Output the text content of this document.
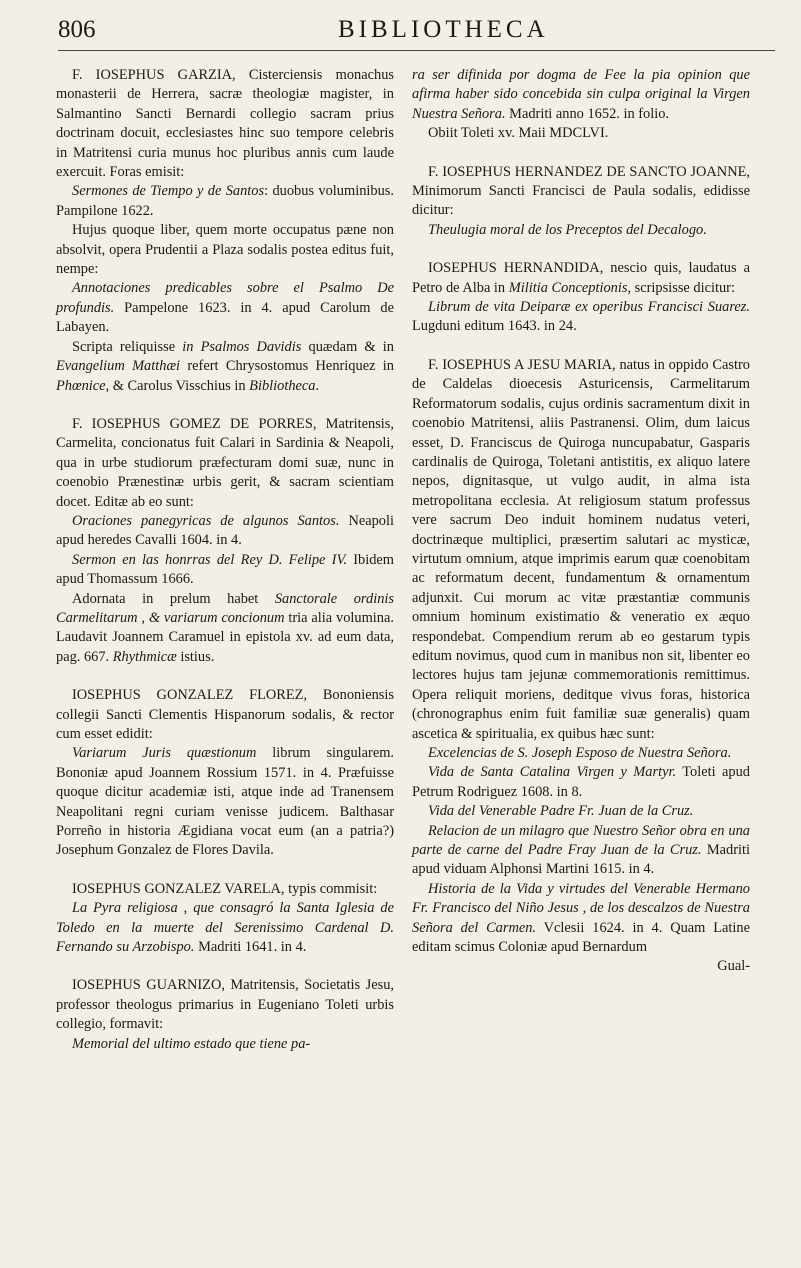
806	BIBLIOTHECA

F. IOSEPHUS GARZIA, Cisterciensis monachus monasterii de Herrera, sacræ theologiæ magister, in Salmantino Sancti Bernardi collegio sacram prius doctrinam docuit, ecclesiastes hinc suo tempore celebris in Matritensi curia munus hoc pluribus annis cum laude exercuit. Foras emisit:

Sermones de Tiempo y de Santos: duobus voluminibus. Pampilone 1622.

Hujus quoque liber, quem morte occupatus pæne non absolvit, opera Prudentii a Plaza sodalis postea editus fuit, nempe:

Annotaciones predicables sobre el Psalmo De profundis. Pampelone 1623. in 4. apud Carolum de Labayen.

Scripta reliquisse in Psalmos Davidis quædam & in Evangelium Matthæi refert Chrysostomus Henriquez in Phœnice, & Carolus Visschius in Bibliotheca.

F. IOSEPHUS GOMEZ DE PORRES, Matritensis, Carmelita, concionatus fuit Calari in Sardinia & Neapoli, qua in urbe studiorum præfecturam domi suæ, nunc in coenobio Prænestinæ urbis gerit, & sacram scientiam docet. Editæ ab eo sunt:

Oraciones panegyricas de algunos Santos. Neapoli apud heredes Cavalli 1604. in 4.

Sermon en las honrras del Rey D. Felipe IV. Ibidem apud Thomassum 1666.

Adornata in prelum habet Sanctorale ordinis Carmelitarum , & variarum concionum tria alia volumina. Laudavit Joannem Caramuel in epistola xv. ad eum data, pag. 667. Rhythmicæ istius.

IOSEPHUS GONZALEZ FLOREZ, Bononiensis collegii Sancti Clementis Hispanorum sodalis, & rector cum esset edidit:

Variarum Juris quæstionum librum singularem. Bononiæ apud Joannem Rossium 1571. in 4. Præfuisse quoque dicitur academiæ isti, atque inde ad Tranensem Neapolitani regni curiam venisse judicem. Balthasar Porreño in historia Ægidiana vocat eum (an a patria?) Josephum Gonzalez de Flores Davila.

IOSEPHUS GONZALEZ VARELA, typis commisit:

La Pyra religiosa , que consagró la Santa Iglesia de Toledo en la muerte del Serenissimo Cardenal D. Fernando su Arzobispo. Madriti 1641. in 4.

IOSEPHUS GUARNIZO, Matritensis, Societatis Jesu, professor theologus primarius in Eugeniano Toleti urbis collegio, formavit:

Memorial del ultimo estado que tiene pa-

ra ser difinida por dogma de Fee la pia opinion que afirma haber sido concebida sin culpa original la Virgen Nuestra Señora. Madriti anno 1652. in folio.

Obiit Toleti xv. Maii MDCLVI.

F. IOSEPHUS HERNANDEZ DE SANCTO JOANNE, Minimorum Sancti Francisci de Paula sodalis, edidisse dicitur:

Theulugia moral de los Preceptos del Decalogo.

IOSEPHUS HERNANDIDA, nescio quis, laudatus a Petro de Alba in Militia Conceptionis, scripsisse dicitur:

Librum de vita Deiparæ ex operibus Francisci Suarez. Lugduni editum 1643. in 24.

F. IOSEPHUS A JESU MARIA, natus in oppido Castro de Caldelas dioecesis Asturicensis, Carmelitarum Reformatorum sodalis, cujus ordinis sacramentum dixit in coenobio Matritensi, aliis Pastranensi. Olim, dum laicus esset, D. Franciscus de Quiroga nuncupabatur, Gasparis cardinalis de Quiroga, Toletani antistitis, ex aliquo latere nepos, dignitasque, ut vulgo audit, in alma ista metropolitana ecclesia. At religiosum statum professus vere sacrum Deo induit hominem nudatus veteri, doctrinæque multiplici, præsertim salutari ac mysticæ, virtutum omnium, atque imprimis earum quæ coenobitam ac reformatum decent, fundamentum & ornamentum adjunxit. Cui morum ac vitæ præstantiæ communis omnium hominum existimatio & veneratio ex æquo respondebat. Compendium rerum ab eo gestarum typis editum novimus, quod cum in manibus non sit, libenter eo lectores hujus tam jejunæ commemorationis remittimus. Opera reliquit moriens, deditque vivus foras, historica (chronographus enim fuit familiæ suæ generalis) quam ascetica & spiritualia, ex quibus hæc sunt:

Excelencias de S. Joseph Esposo de Nuestra Señora.

Vida de Santa Catalina Virgen y Martyr. Toleti apud Petrum Rodriguez 1608. in 8.

Vida del Venerable Padre Fr. Juan de la Cruz.

Relacion de un milagro que Nuestro Señor obra en una parte de carne del Padre Fray Juan de la Cruz. Madriti apud viduam Alphonsi Martini 1615. in 4.

Historia de la Vida y virtudes del Venerable Hermano Fr. Francisco del Niño Jesus , de los descalzos de Nuestra Señora del Carmen. Vclesii 1624. in 4. Quam Latine editam scimus Coloniæ apud Bernardum

Gual-
